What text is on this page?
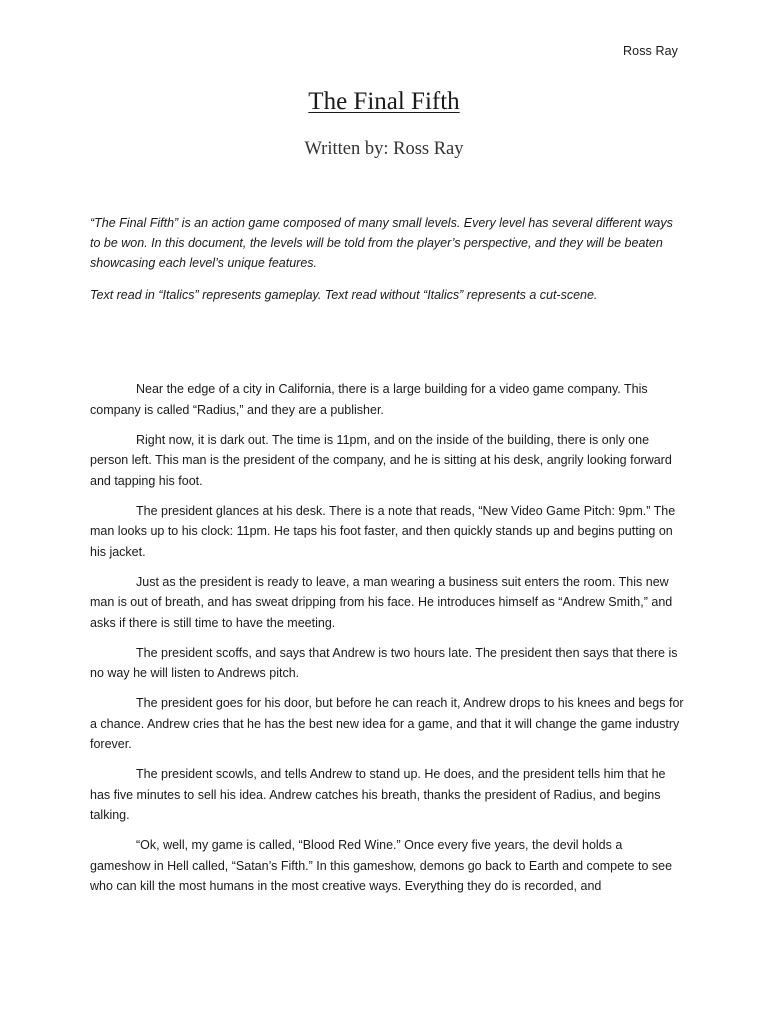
Ross Ray
The Final Fifth
Written by: Ross Ray

“The Final Fifth” is an action game composed of many small levels. Every level has several different ways to be won. In this document, the levels will be told from the player’s perspective, and they will be beaten showcasing each level’s unique features.

Text read in “Italics” represents gameplay. Text read without “Italics” represents a cut-scene.

Near the edge of a city in California, there is a large building for a video game company. This company is called “Radius,” and they are a publisher.

Right now, it is dark out. The time is 11pm, and on the inside of the building, there is only one person left. This man is the president of the company, and he is sitting at his desk, angrily looking forward and tapping his foot.

The president glances at his desk. There is a note that reads, “New Video Game Pitch: 9pm.” The man looks up to his clock: 11pm. He taps his foot faster, and then quickly stands up and begins putting on his jacket.

Just as the president is ready to leave, a man wearing a business suit enters the room. This new man is out of breath, and has sweat dripping from his face. He introduces himself as “Andrew Smith,” and asks if there is still time to have the meeting.

The president scoffs, and says that Andrew is two hours late. The president then says that there is no way he will listen to Andrews pitch.

The president goes for his door, but before he can reach it, Andrew drops to his knees and begs for a chance. Andrew cries that he has the best new idea for a game, and that it will change the game industry forever.

The president scowls, and tells Andrew to stand up. He does, and the president tells him that he has five minutes to sell his idea. Andrew catches his breath, thanks the president of Radius, and begins talking.

“Ok, well, my game is called, “Blood Red Wine.” Once every five years, the devil holds a gameshow in Hell called, “Satan’s Fifth.” In this gameshow, demons go back to Earth and compete to see who can kill the most humans in the most creative ways. Everything they do is recorded, and
